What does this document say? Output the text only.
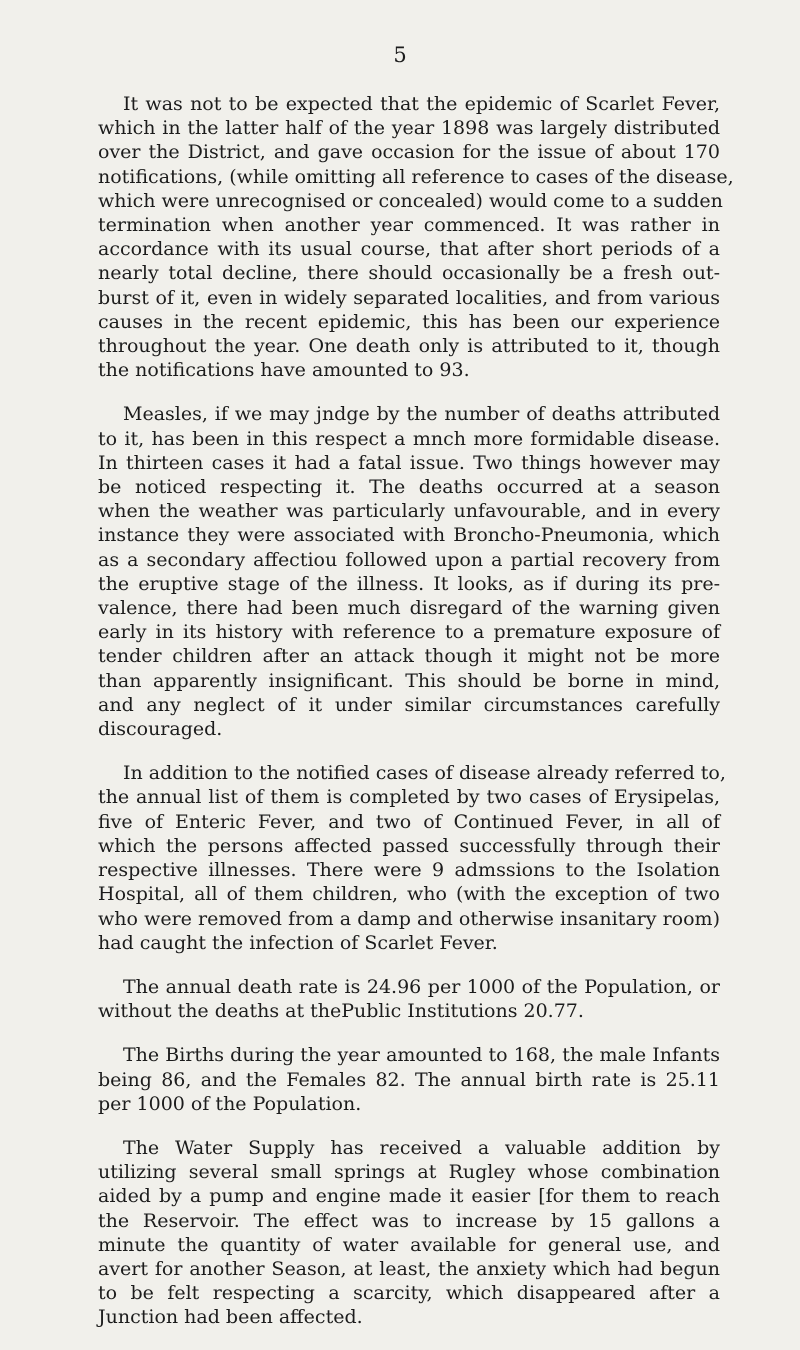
5

It was not to be expected that the epidemic of Scarlet Fever,
which in the latter half of the year 1898 was largely distributed
over the District, and gave occasion for the issue of about 170
notifications, (while omitting all reference to cases of the disease,
which were unrecognised or concealed) would come to a sudden
termination when another year commenced. It was rather in
accordance with its usual course, that after short periods of a
nearly total decline, there should occasionally be a fresh out-
burst of it, even in widely separated localities, and from various
causes in the recent epidemic, this has been our experience
throughout the year. One death only is attributed to it, though
the notifications have amounted to 93.

Measles, if we may jndge by the number of deaths attributed
to it, has been in this respect a mnch more formidable disease.
In thirteen cases it had a fatal issue. Two things however may
be noticed respecting it. The deaths occurred at a season
when the weather was particularly unfavourable, and in every
instance they were associated with Broncho-Pneumonia, which
as a secondary affectiou followed upon a partial recovery from
the eruptive stage of the illness. It looks, as if during its pre-
valence, there had been much disregard of the warning given
early in its history with reference to a premature exposure of
tender children after an attack though it might not be more
than apparently insignificant. This should be borne in mind,
and any neglect of it under similar circumstances carefully
discouraged.

In addition to the notified cases of disease already referred to,
the annual list of them is completed by two cases of Erysipelas,
five of Enteric Fever, and two of Continued Fever, in all of
which the persons affected passed successfully through their
respective illnesses. There were 9 admssions to the Isolation
Hospital, all of them children, who (with the exception of two
who were removed from a damp and otherwise insanitary room)
had caught the infection of Scarlet Fever.

The annual death rate is 24.96 per 1000 of the Population, or
without the deaths at thePublic Institutions 20.77.

The Births during the year amounted to 168, the male Infants
being 86, and the Females 82. The annual birth rate is 25.11
per 1000 of the Population.

The Water Supply has received a valuable addition by
utilizing several small springs at Rugley whose combination
aided by a pump and engine made it easier [for them to reach
the Reservoir. The effect was to increase by 15 gallons a
minute the quantity of water available for general use, and
avert for another Season, at least, the anxiety which had begun
to be felt respecting a scarcity, which disappeared after a
Junction had been affected.
